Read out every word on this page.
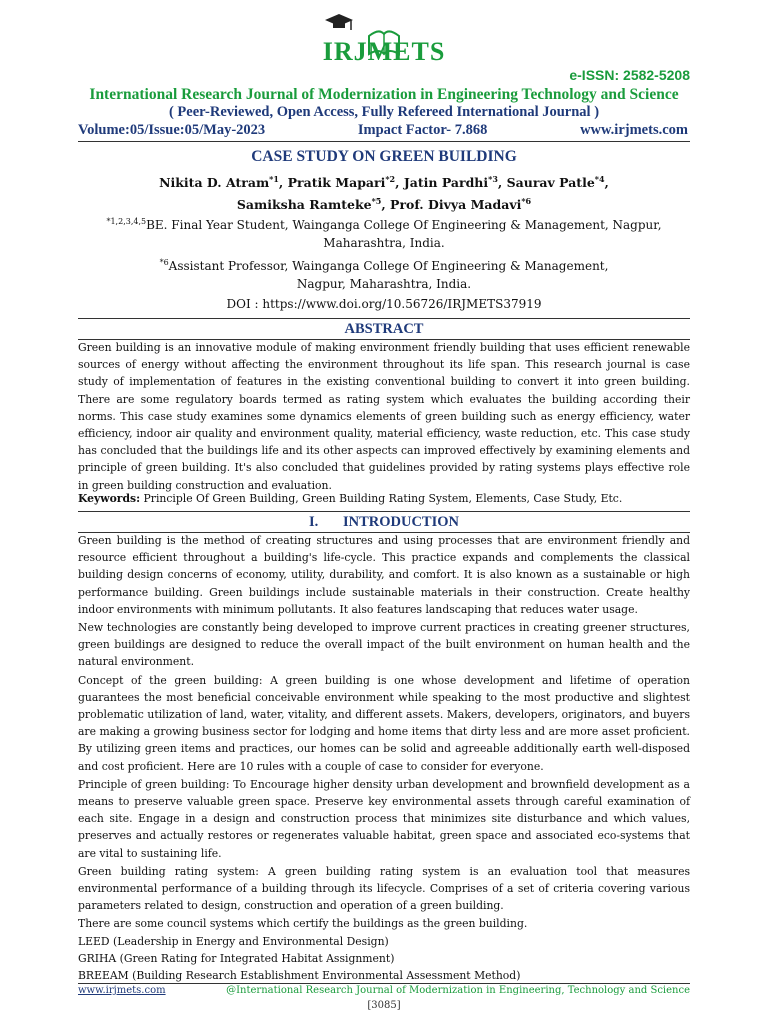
IRJMETS
e-ISSN: 2582-5208
International Research Journal of Modernization in Engineering Technology and Science
( Peer-Reviewed, Open Access, Fully Refereed International Journal )
Volume:05/Issue:05/May-2023	Impact Factor- 7.868	www.irjmets.com
CASE STUDY ON GREEN BUILDING
Nikita D. Atram$^{*1}$, Pratik Mapari$^{*2}$, Jatin Pardhi$^{*3}$, Saurav Patle$^{*4}$,
Samiksha Ramteke$^{*5}$, Prof. Divya Madavi$^{*6}$
$^{*1,2,3,4,5}$BE. Final Year Student, Wainganga College Of Engineering & Management, Nagpur,
Maharashtra, India.
$^{*6}$Assistant Professor, Wainganga College Of Engineering & Management,
Nagpur, Maharashtra, India.
DOI : https://www.doi.org/10.56726/IRJMETS37919
ABSTRACT

Green building is an innovative module of making environment friendly building that uses efficient renewable sources of energy without affecting the environment throughout its life span. This research journal is case study of implementation of features in the existing conventional building to convert it into green building. There are some regulatory boards termed as rating system which evaluates the building according their norms. This case study examines some dynamics elements of green building such as energy efficiency, water efficiency, indoor air quality and environment quality, material efficiency, waste reduction, etc. This case study has concluded that the buildings life and its other aspects can improved effectively by examining elements and principle of green building. It's also concluded that guidelines provided by rating systems plays effective role in green building construction and evaluation.

Keywords: Principle Of Green Building, Green Building Rating System, Elements, Case Study, Etc.

I. INTRODUCTION

Green building is the method of creating structures and using processes that are environment friendly and resource efficient throughout a building's life-cycle. This practice expands and complements the classical building design concerns of economy, utility, durability, and comfort. It is also known as a sustainable or high performance building. Green buildings include sustainable materials in their construction. Create healthy indoor environments with minimum pollutants. It also features landscaping that reduces water usage.

New technologies are constantly being developed to improve current practices in creating greener structures, green buildings are designed to reduce the overall impact of the built environment on human health and the natural environment.

Concept of the green building: A green building is one whose development and lifetime of operation guarantees the most beneficial conceivable environment while speaking to the most productive and slightest problematic utilization of land, water, vitality, and different assets. Makers, developers, originators, and buyers are making a growing business sector for lodging and home items that dirty less and are more asset proficient. By utilizing green items and practices, our homes can be solid and agreeable additionally earth well-disposed and cost proficient. Here are 10 rules with a couple of case to consider for everyone.

Principle of green building: To Encourage higher density urban development and brownfield development as a means to preserve valuable green space. Preserve key environmental assets through careful examination of each site. Engage in a design and construction process that minimizes site disturbance and which values, preserves and actually restores or regenerates valuable habitat, green space and associated eco-systems that are vital to sustaining life.

Green building rating system: A green building rating system is an evaluation tool that measures environmental performance of a building through its lifecycle. Comprises of a set of criteria covering various parameters related to design, construction and operation of a green building.

There are some council systems which certify the buildings as the green building.

LEED (Leadership in Energy and Environmental Design)

GRIHA (Green Rating for Integrated Habitat Assignment)

BREEAM (Building Research Establishment Environmental Assessment Method)

www.irjmets.com	@International Research Journal of Modernization in Engineering, Technology and Science
[3085]
